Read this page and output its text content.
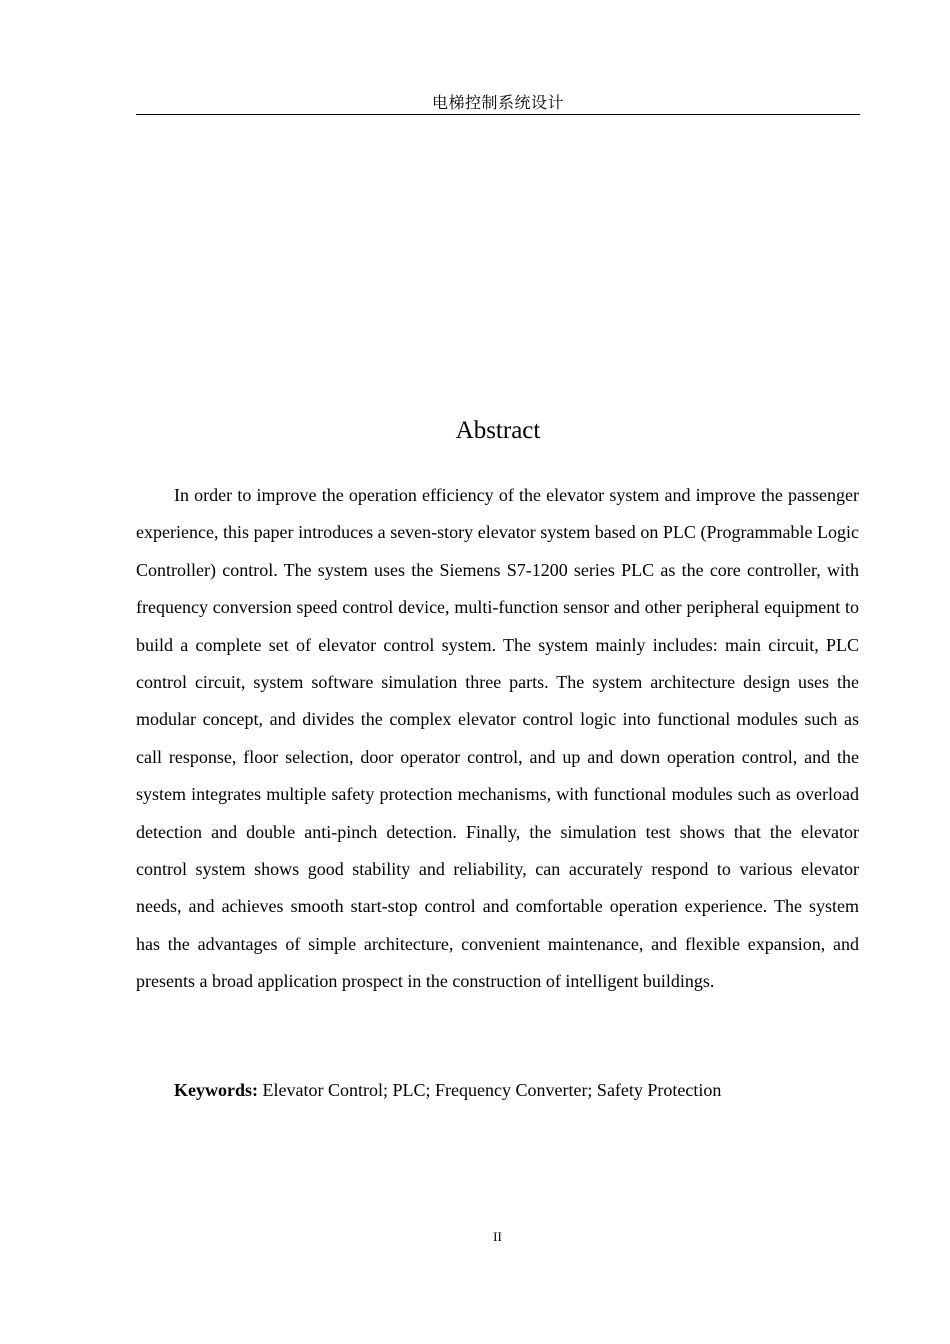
电梯控制系统设计
Abstract

In order to improve the operation efficiency of the elevator system and improve the passenger experience, this paper introduces a seven-story elevator system based on PLC (Programmable Logic Controller) control. The system uses the Siemens S7-1200 series PLC as the core controller, with frequency conversion speed control device, multi-function sensor and other peripheral equipment to build a complete set of elevator control system. The system mainly includes: main circuit, PLC control circuit, system software simulation three parts. The system architecture design uses the modular concept, and divides the complex elevator control logic into functional modules such as call response, floor selection, door operator control, and up and down operation control, and the system integrates multiple safety protection mechanisms, with functional modules such as overload detection and double anti-pinch detection. Finally, the simulation test shows that the elevator control system shows good stability and reliability, can accurately respond to various elevator needs, and achieves smooth start-stop control and comfortable operation experience. The system has the advantages of simple architecture, convenient maintenance, and flexible expansion, and presents a broad application prospect in the construction of intelligent buildings.

Keywords: Elevator Control; PLC; Frequency Converter; Safety Protection

II
